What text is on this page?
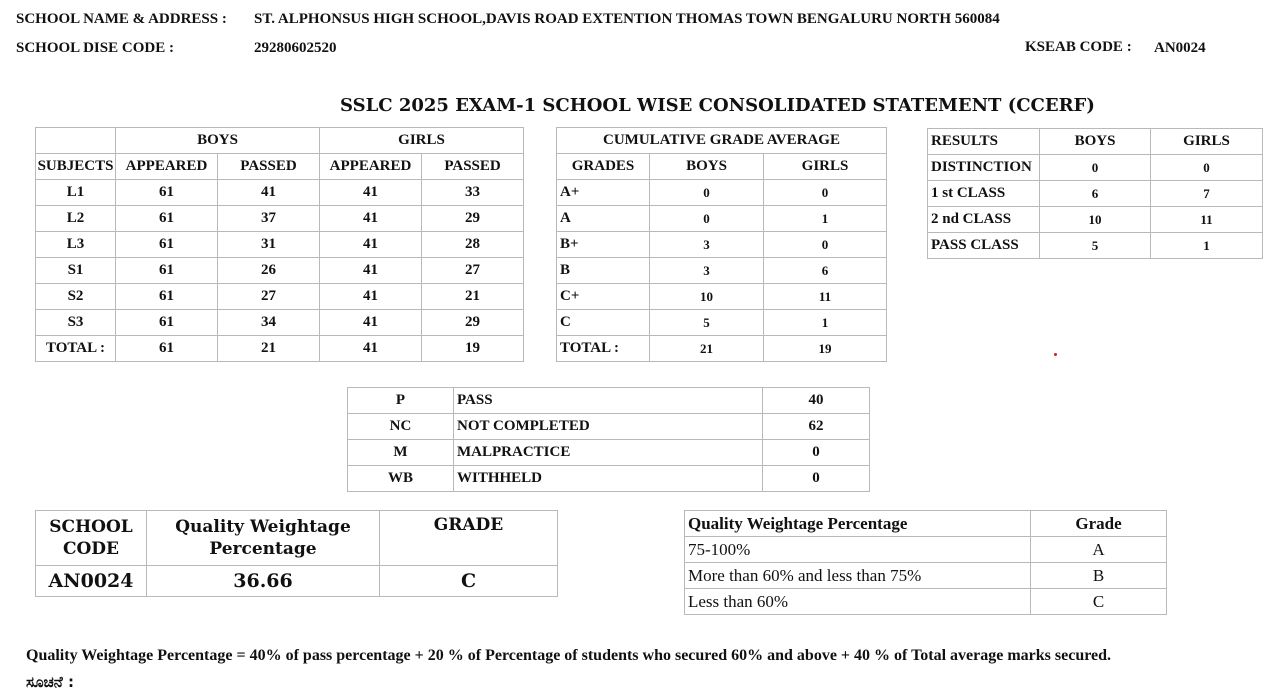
SCHOOL NAME & ADDRESS : ST. ALPHONSUS HIGH SCHOOL,DAVIS ROAD EXTENTION THOMAS TOWN BENGALURU NORTH 560084
SCHOOL DISE CODE :	29280602520	KSEAB CODE : AN0024
SSLC 2025 EXAM-1 SCHOOL WISE CONSOLIDATED STATEMENT (CCERF)
	BOYS		GIRLS	
SUBJECTS	APPEARED	PASSED	APPEARED	PASSED
L1	61	41	41	33
L2	61	37	41	29
L3	61	31	41	28
S1	61	26	41	27
S2	61	27	41	21
S3	61	34	41	29
TOTAL :	61	21	41	19
CUMULATIVE GRADE AVERAGE		
GRADES	BOYS	GIRLS
A+	0	0
A	0	1
B+	3	0
B	3	6
C+	10	11
C	5	1
TOTAL :	21	19
RESULTS	BOYS	GIRLS
DISTINCTION	0	0
1 st CLASS	6	7
2 nd CLASS	10	11
PASS CLASS	5	1
P	PASS	40
NC	NOT COMPLETED	62
M	MALPRACTICE	0
WB	WITHHELD	0
SCHOOL CODE	Quality Weightage Percentage	GRADE
AN0024	36.66	C
Quality Weightage Percentage	Grade
75-100%	A
More than 60% and less than 75%	B
Less than 60%	C
Quality Weightage Percentage = 40% of pass percentage + 20 % of Percentage of students who secured 60% and above + 40 % of Total average marks secured.
ಸೂಚನೆ :
